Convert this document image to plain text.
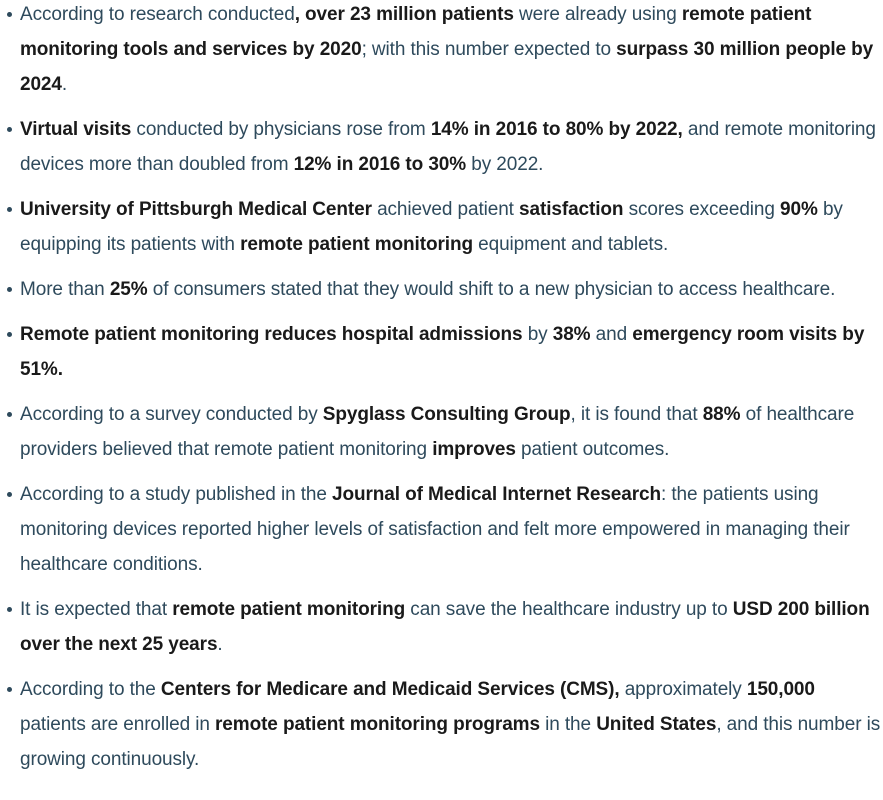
According to research conducted, over 23 million patients were already using remote patient monitoring tools and services by 2020; with this number expected to surpass 30 million people by 2024.
Virtual visits conducted by physicians rose from 14% in 2016 to 80% by 2022, and remote monitoring devices more than doubled from 12% in 2016 to 30% by 2022.
University of Pittsburgh Medical Center achieved patient satisfaction scores exceeding 90% by equipping its patients with remote patient monitoring equipment and tablets.
More than 25% of consumers stated that they would shift to a new physician to access healthcare.
Remote patient monitoring reduces hospital admissions by 38% and emergency room visits by 51%.
According to a survey conducted by Spyglass Consulting Group, it is found that 88% of healthcare providers believed that remote patient monitoring improves patient outcomes.
According to a study published in the Journal of Medical Internet Research: the patients using monitoring devices reported higher levels of satisfaction and felt more empowered in managing their healthcare conditions.
It is expected that remote patient monitoring can save the healthcare industry up to USD 200 billion over the next 25 years.
According to the Centers for Medicare and Medicaid Services (CMS), approximately 150,000 patients are enrolled in remote patient monitoring programs in the United States, and this number is growing continuously.
